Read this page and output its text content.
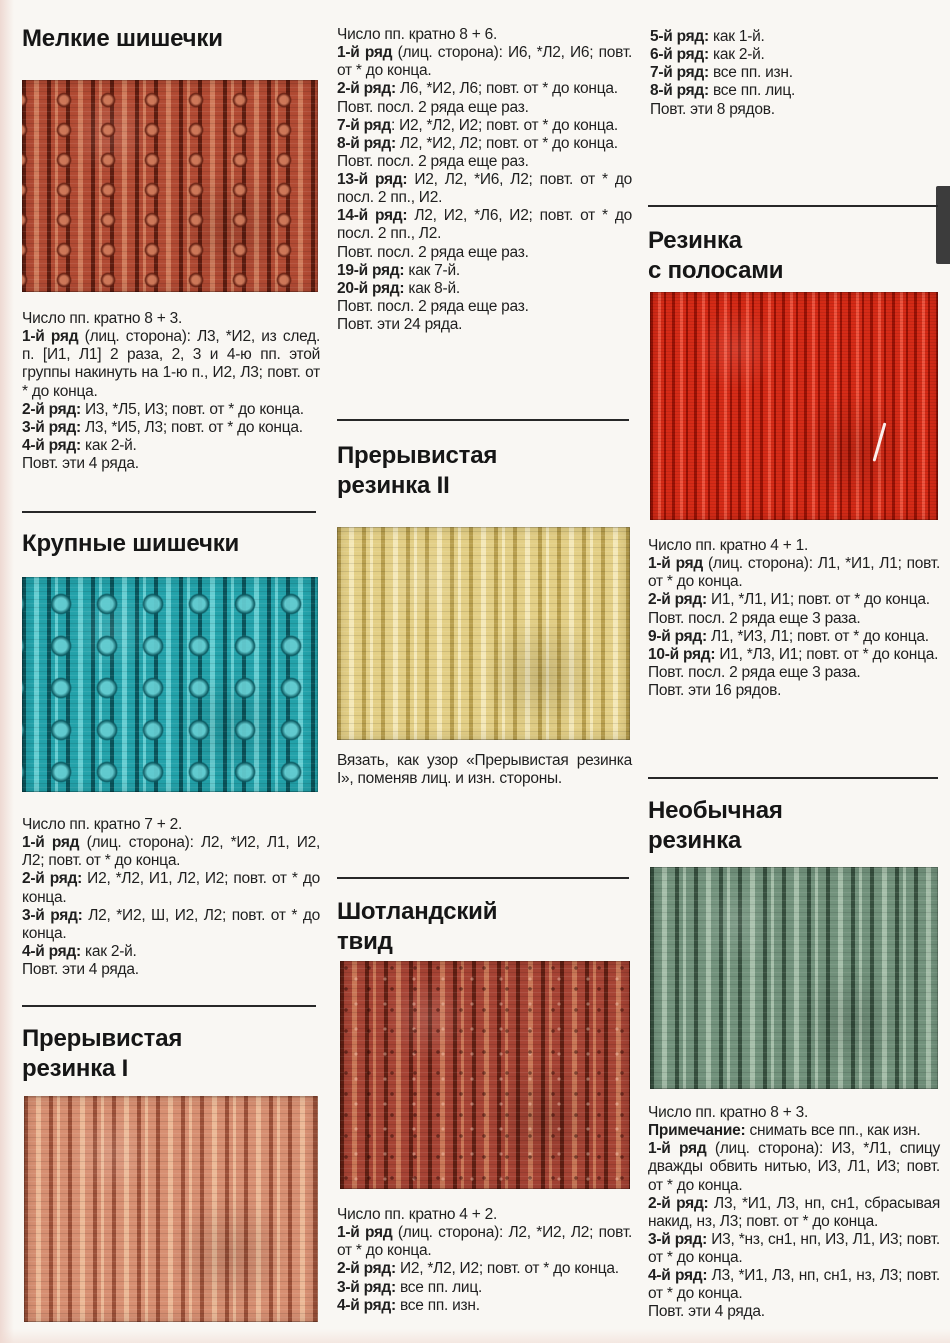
Мелкие шишечки

Число пп. кратно 8 + 3.

1-й ряд (лиц. сторона): Л3, *И2, из след. п. [И1, Л1] 2 раза, 2, 3 и 4-ю пп. этой группы накинуть на 1-ю п., И2, Л3; повт. от * до конца.

2-й ряд: И3, *Л5, И3; повт. от * до конца.

3-й ряд: Л3, *И5, Л3; повт. от * до конца.

4-й ряд: как 2-й.

Повт. эти 4 ряда.

Крупные шишечки

Число пп. кратно 7 + 2.

1-й ряд (лиц. сторона): Л2, *И2, Л1, И2, Л2; повт. от * до конца.

2-й ряд: И2, *Л2, И1, Л2, И2; повт. от * до конца.

3-й ряд: Л2, *И2, Ш, И2, Л2; повт. от * до конца.

4-й ряд: как 2-й.

Повт. эти 4 ряда.

Прерывистая
резинка I

Число пп. кратно 8 + 6.

1-й ряд (лиц. сторона): И6, *Л2, И6; повт. от * до конца.

2-й ряд: Л6, *И2, Л6; повт. от * до конца.

Повт. посл. 2 ряда еще раз.

7-й ряд: И2, *Л2, И2; повт. от * до конца.

8-й ряд: Л2, *И2, Л2; повт. от * до конца.

Повт. посл. 2 ряда еще раз.

13-й ряд: И2, Л2, *И6, Л2; повт. от * до посл. 2 пп., И2.

14-й ряд: Л2, И2, *Л6, И2; повт. от * до посл. 2 пп., Л2.

Повт. посл. 2 ряда еще раз.

19-й ряд: как 7-й.

20-й ряд: как 8-й.

Повт. посл. 2 ряда еще раз.

Повт. эти 24 ряда.

Прерывистая
резинка II

Вязать, как узор «Прерывистая резинка I», поменяв лиц. и изн. стороны.

Шотландский
твид

Число пп. кратно 4 + 2.

1-й ряд (лиц. сторона): Л2, *И2, Л2; повт. от * до конца.

2-й ряд: И2, *Л2, И2; повт. от * до конца.

3-й ряд: все пп. лиц.

4-й ряд: все пп. изн.

5-й ряд: как 1-й.

6-й ряд: как 2-й.

7-й ряд: все пп. изн.

8-й ряд: все пп. лиц.

Повт. эти 8 рядов.

Резинка
с полосами

Число пп. кратно 4 + 1.

1-й ряд (лиц. сторона): Л1, *И1, Л1; повт. от * до конца.

2-й ряд: И1, *Л1, И1; повт. от * до конца.

Повт. посл. 2 ряда еще 3 раза.

9-й ряд: Л1, *И3, Л1; повт. от * до конца.

10-й ряд: И1, *Л3, И1; повт. от * до конца.

Повт. посл. 2 ряда еще 3 раза.

Повт. эти 16 рядов.

Необычная
резинка

Число пп. кратно 8 + 3.

Примечание: снимать все пп., как изн.

1-й ряд (лиц. сторона): И3, *Л1, спицу дважды обвить нитью, И3, Л1, И3; повт. от * до конца.

2-й ряд: Л3, *И1, Л3, нп, сн1, сбрасывая накид, нз, Л3; повт. от * до конца.

3-й ряд: И3, *нз, сн1, нп, И3, Л1, И3; повт. от * до конца.

4-й ряд: Л3, *И1, Л3, нп, сн1, нз, Л3; повт. от * до конца.

Повт. эти 4 ряда.
